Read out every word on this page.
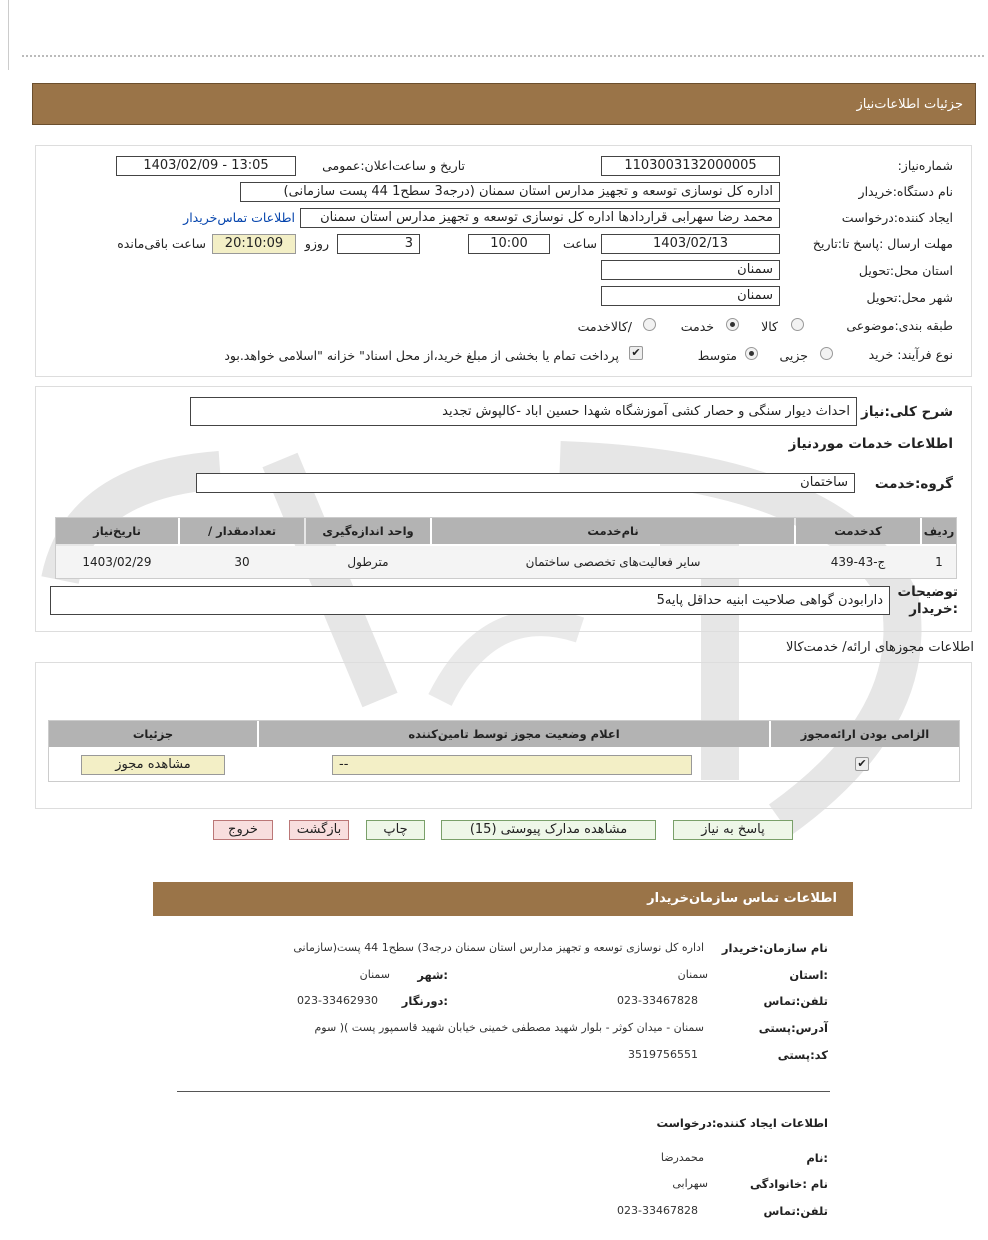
جزئیات اطلاعات‌نیاز
شماره‌نیاز:
1103003132000005
تاریخ و ساعت‌اعلان:عمومی
1403/02/09 - 13:05
نام دستگاه:خریدار
اداره کل نوسازی توسعه و تجهیز مدارس استان سمنان (درجه3 سطح1 44 پست سازمانی)
ایجاد کننده:درخواست
محمد رضا سهرابی قراردادها اداره کل نوسازی توسعه و تجهیز مدارس استان سمنان
اطلاعات تماس‌خریدار
مهلت ارسال :پاسخ تا:تاریخ
1403/02/13
ساعت
10:00
3
روزو
20:10:09
ساعت باقی‌مانده
استان محل:تحویل
سمنان
شهر محل:تحویل
سمنان
طبقه بندی:موضوعی
کالا
خدمت
/کالاخدمت
نوع فرآیند: خرید
جزیی
متوسط
✔
پرداخت تمام یا بخشی از مبلغ خرید،از محل اسناد" خزانه "اسلامی خواهد.بود
شرح کلی:نیاز
احداث دیوار سنگی و حصار کشی آموزشگاه شهدا حسین اباد -کالپوش تجدید
اطلاعات خدمات موردنیاز
گروه:خدمت
ساختمان
ردیف
کدخدمت
نام‌خدمت
واحد اندازه‌گیری
/ تعدادمقدار
تاریخ‌نیاز
1
ج-43-439
سایر فعالیت‌های تخصصی ساختمان
مترطول
30
1403/02/29
توضیحات :خریدار
دارابودن گواهی صلاحیت ابنیه حداقل پایه5
اطلاعات مجوزهای ارائه/ خدمت‌کالا
الزامی بودن ارائه‌مجوز
اعلام وضعیت مجوز توسط تامین‌کننده
جزئیات
✔
--
مشاهده مجوز
پاسخ به نیاز
مشاهده مدارک پیوستی (15)
چاپ
بازگشت
خروج
اطلاعات تماس سازمان‌خریدار
نام سازمان:خریدار
اداره کل نوسازی توسعه و تجهیز مدارس استان سمنان درجه3) سطح1 44 پست(سازمانی
:استان
سمنان
:شهر
سمنان
تلفن:تماس
023-33467828
:دورنگار
023-33462930
آدرس:پستی
سمنان - میدان کوثر - بلوار شهید مصطفی خمینی خیابان شهید قاسمپور پست )( سوم
کد:پستی
3519756551
اطلاعات ایجاد کننده:درخواست
:نام
محمدرضا
نام :خانوادگی
سهرابی
تلفن:تماس
023-33467828
